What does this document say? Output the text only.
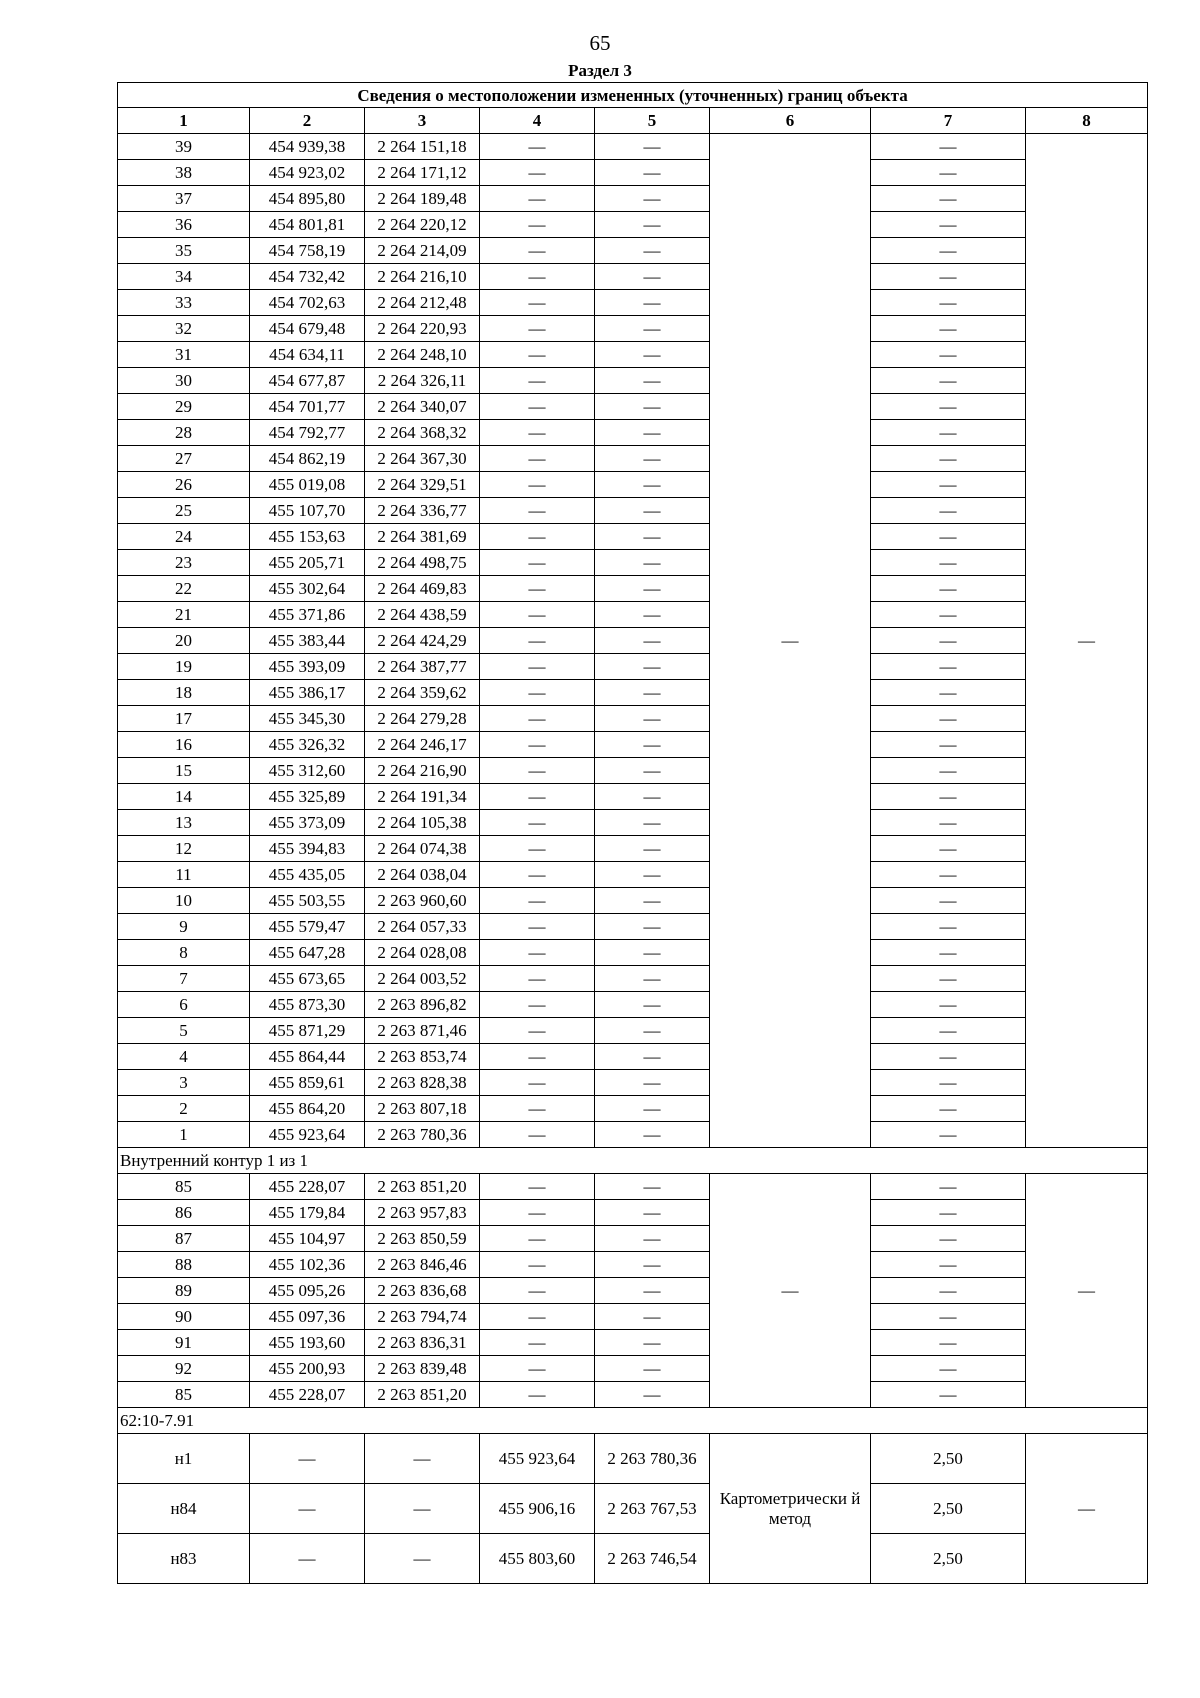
65
Раздел 3
Сведения о местоположении измененных (уточненных) границ объекта							
1	2	3	4	5	6	7	8
39	454 939,38	2 264 151,18	—	—	—	—	—
38	454 923,02	2 264 171,12	—	—		—	
37	454 895,80	2 264 189,48	—	—		—	
36	454 801,81	2 264 220,12	—	—		—	
35	454 758,19	2 264 214,09	—	—		—	
34	454 732,42	2 264 216,10	—	—		—	
33	454 702,63	2 264 212,48	—	—		—	
32	454 679,48	2 264 220,93	—	—		—	
31	454 634,11	2 264 248,10	—	—		—	
30	454 677,87	2 264 326,11	—	—		—	
29	454 701,77	2 264 340,07	—	—		—	
28	454 792,77	2 264 368,32	—	—		—	
27	454 862,19	2 264 367,30	—	—		—	
26	455 019,08	2 264 329,51	—	—		—	
25	455 107,70	2 264 336,77	—	—		—	
24	455 153,63	2 264 381,69	—	—		—	
23	455 205,71	2 264 498,75	—	—		—	
22	455 302,64	2 264 469,83	—	—		—	
21	455 371,86	2 264 438,59	—	—		—	
20	455 383,44	2 264 424,29	—	—		—	
19	455 393,09	2 264 387,77	—	—		—	
18	455 386,17	2 264 359,62	—	—		—	
17	455 345,30	2 264 279,28	—	—		—	
16	455 326,32	2 264 246,17	—	—		—	
15	455 312,60	2 264 216,90	—	—		—	
14	455 325,89	2 264 191,34	—	—		—	
13	455 373,09	2 264 105,38	—	—		—	
12	455 394,83	2 264 074,38	—	—		—	
11	455 435,05	2 264 038,04	—	—		—	
10	455 503,55	2 263 960,60	—	—		—	
9	455 579,47	2 264 057,33	—	—		—	
8	455 647,28	2 264 028,08	—	—		—	
7	455 673,65	2 264 003,52	—	—		—	
6	455 873,30	2 263 896,82	—	—		—	
5	455 871,29	2 263 871,46	—	—		—	
4	455 864,44	2 263 853,74	—	—		—	
3	455 859,61	2 263 828,38	—	—		—	
2	455 864,20	2 263 807,18	—	—		—	
1	455 923,64	2 263 780,36	—	—		—	
Внутренний контур 1 из 1							
85	455 228,07	2 263 851,20	—	—	—	—	—
86	455 179,84	2 263 957,83	—	—		—	
87	455 104,97	2 263 850,59	—	—		—	
88	455 102,36	2 263 846,46	—	—		—	
89	455 095,26	2 263 836,68	—	—		—	
90	455 097,36	2 263 794,74	—	—		—	
91	455 193,60	2 263 836,31	—	—		—	
92	455 200,93	2 263 839,48	—	—		—	
85	455 228,07	2 263 851,20	—	—		—	
62:10-7.91							
н1	—	—	455 923,64	2 263 780,36	Картометрически й метод	2,50	—
н84	—	—	455 906,16	2 263 767,53		2,50	
н83	—	—	455 803,60	2 263 746,54		2,50	
